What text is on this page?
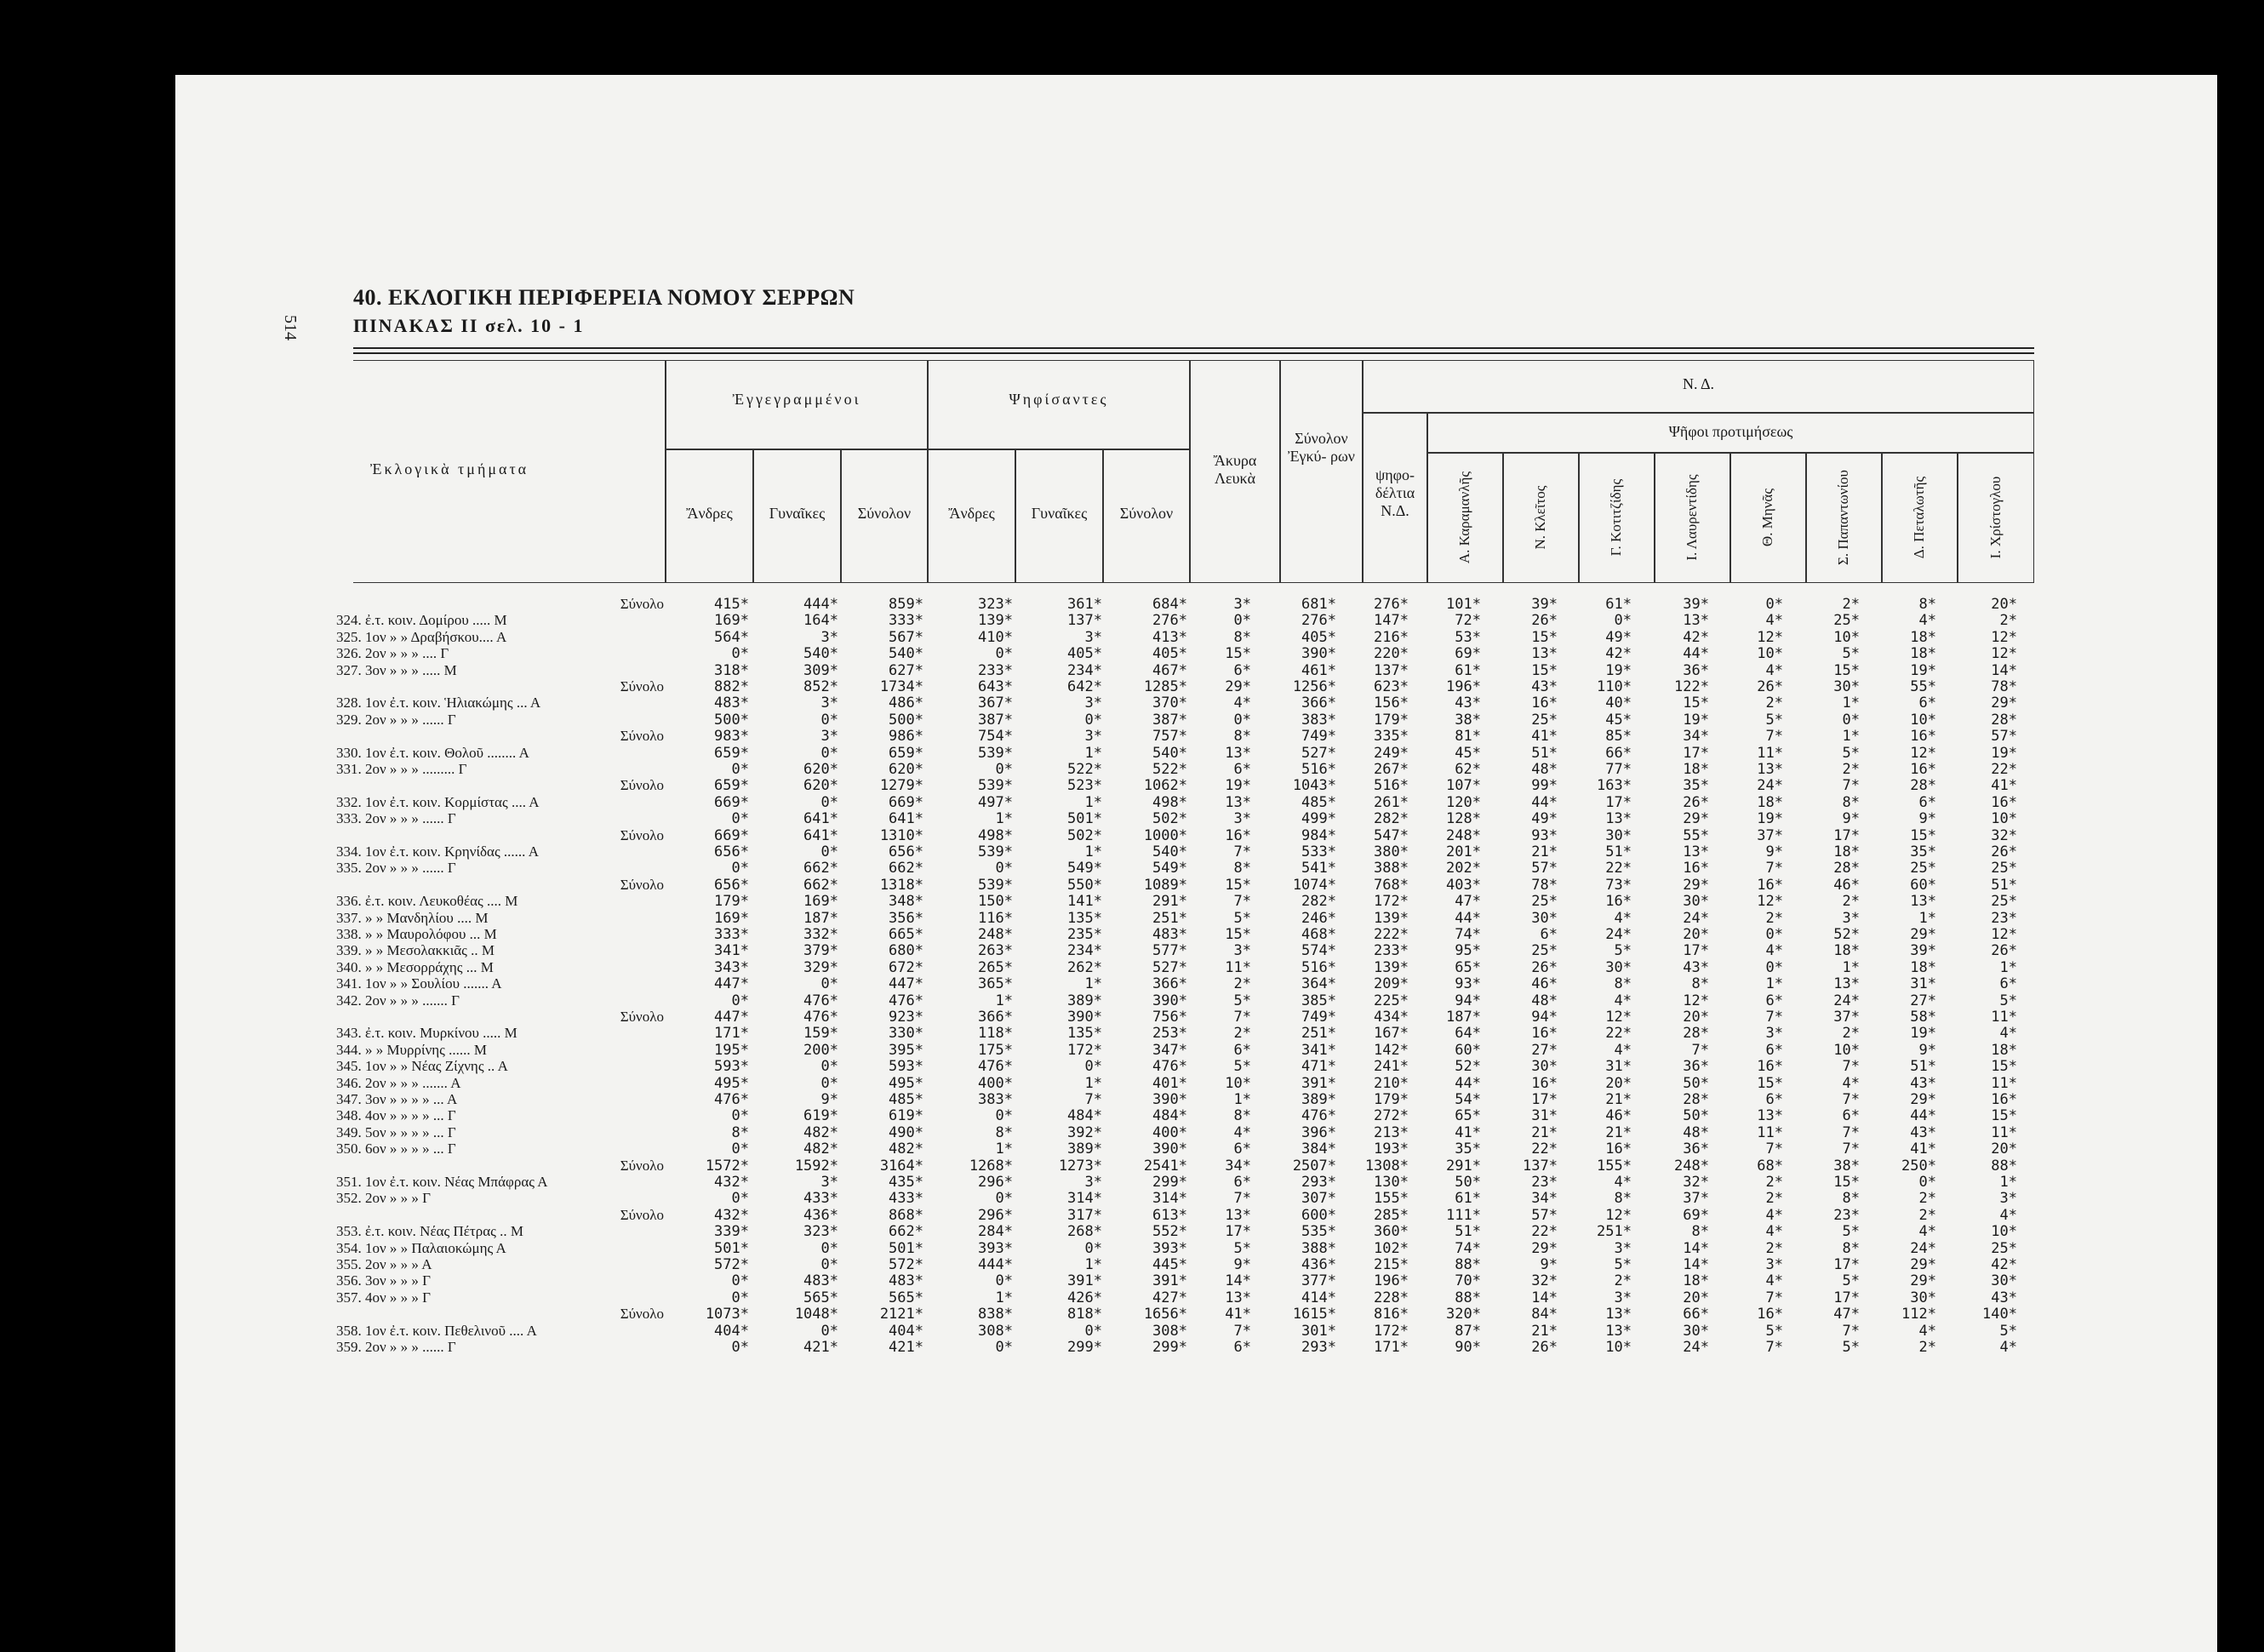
514
40. ΕΚΛΟΓΙΚΗ ΠΕΡΙΦΕΡΕΙΑ ΝΟΜΟΥ ΣΕΡΡΩΝ
ΠΙΝΑΚΑΣ ΙΙ σελ. 10 - 1
Ἐκλογικὰ τμήματα
Ἐγγεγραμμένοι
Ἄνδρες	Γυναῖκες	Σύνολον
Ψηφίσαντες
Ἄνδρες	Γυναῖκες	Σύνολον
Ἄκυρα Λευκὰ
Σύνολον Ἐγκύ- ρων
Ν. Δ.
ψηφο- δέλτια Ν.Δ.
Ψῆφοι προτιμήσεως
Α. Καραμανλῆς	Ν. Κλεῖτος	Γ. Κοτιτζίδης	Ι. Λαυρεντίδης	Θ. Μηνᾶς	Σ. Παπαντωνίου	Δ. Πεταλωτῆς	Ι. Χρίστογλου
Σύνολο	415*	444*	859*	323*	361*	684*	3*	681*	276*	101*	39*	61*	39*	0*	2*	8*	20*
324. ἐ.τ. κοιν. Δομίρου ..... Μ	169*	164*	333*	139*	137*	276*	0*	276*	147*	72*	26*	0*	13*	4*	25*	4*	2*
325. 1ον » » Δραβήσκου.... Α	564*	3*	567*	410*	3*	413*	8*	405*	216*	53*	15*	49*	42*	12*	10*	18*	12*
326. 2ον » » » .... Γ	0*	540*	540*	0*	405*	405*	15*	390*	220*	69*	13*	42*	44*	10*	5*	18*	12*
327. 3ον » » » ..... Μ	318*	309*	627*	233*	234*	467*	6*	461*	137*	61*	15*	19*	36*	4*	15*	19*	14*
Σύνολο	882*	852*	1734*	643*	642*	1285*	29*	1256*	623*	196*	43*	110*	122*	26*	30*	55*	78*
328. 1ον ἐ.τ. κοιν. Ἡλιακώμης ... Α	483*	3*	486*	367*	3*	370*	4*	366*	156*	43*	16*	40*	15*	2*	1*	6*	29*
329. 2ον » » » ...... Γ	500*	0*	500*	387*	0*	387*	0*	383*	179*	38*	25*	45*	19*	5*	0*	10*	28*
Σύνολο	983*	3*	986*	754*	3*	757*	8*	749*	335*	81*	41*	85*	34*	7*	1*	16*	57*
330. 1ον ἐ.τ. κοιν. Θολοῦ ........ Α	659*	0*	659*	539*	1*	540*	13*	527*	249*	45*	51*	66*	17*	11*	5*	12*	19*
331. 2ον » » » ......... Γ	0*	620*	620*	0*	522*	522*	6*	516*	267*	62*	48*	77*	18*	13*	2*	16*	22*
Σύνολο	659*	620*	1279*	539*	523*	1062*	19*	1043*	516*	107*	99*	163*	35*	24*	7*	28*	41*
332. 1ον ἐ.τ. κοιν. Κορμίστας .... Α	669*	0*	669*	497*	1*	498*	13*	485*	261*	120*	44*	17*	26*	18*	8*	6*	16*
333. 2ον » » » ...... Γ	0*	641*	641*	1*	501*	502*	3*	499*	282*	128*	49*	13*	29*	19*	9*	9*	10*
Σύνολο	669*	641*	1310*	498*	502*	1000*	16*	984*	547*	248*	93*	30*	55*	37*	17*	15*	32*
334. 1ον ἐ.τ. κοιν. Κρηνίδας ...... Α	656*	0*	656*	539*	1*	540*	7*	533*	380*	201*	21*	51*	13*	9*	18*	35*	26*
335. 2ον » » » ...... Γ	0*	662*	662*	0*	549*	549*	8*	541*	388*	202*	57*	22*	16*	7*	28*	25*	25*
Σύνολο	656*	662*	1318*	539*	550*	1089*	15*	1074*	768*	403*	78*	73*	29*	16*	46*	60*	51*
336. ἐ.τ. κοιν. Λευκοθέας .... Μ	179*	169*	348*	150*	141*	291*	7*	282*	172*	47*	25*	16*	30*	12*	2*	13*	25*
337. » » Μανδηλίου .... Μ	169*	187*	356*	116*	135*	251*	5*	246*	139*	44*	30*	4*	24*	2*	3*	1*	23*
338. » » Μαυρολόφου ... Μ	333*	332*	665*	248*	235*	483*	15*	468*	222*	74*	6*	24*	20*	0*	52*	29*	12*
339. » » Μεσολακκιᾶς .. Μ	341*	379*	680*	263*	234*	577*	3*	574*	233*	95*	25*	5*	17*	4*	18*	39*	26*
340. » » Μεσορράχης ... Μ	343*	329*	672*	265*	262*	527*	11*	516*	139*	65*	26*	30*	43*	0*	1*	18*	1*
341. 1ον » » Σουλίου ....... Α	447*	0*	447*	365*	1*	366*	2*	364*	209*	93*	46*	8*	8*	1*	13*	31*	6*
342. 2ον » » » ....... Γ	0*	476*	476*	1*	389*	390*	5*	385*	225*	94*	48*	4*	12*	6*	24*	27*	5*
Σύνολο	447*	476*	923*	366*	390*	756*	7*	749*	434*	187*	94*	12*	20*	7*	37*	58*	11*
343. ἐ.τ. κοιν. Μυρκίνου ..... Μ	171*	159*	330*	118*	135*	253*	2*	251*	167*	64*	16*	22*	28*	3*	2*	19*	4*
344. » » Μυρρίνης ...... Μ	195*	200*	395*	175*	172*	347*	6*	341*	142*	60*	27*	4*	7*	6*	10*	9*	18*
345. 1ον » » Νέας Ζίχνης .. Α	593*	0*	593*	476*	0*	476*	5*	471*	241*	52*	30*	31*	36*	16*	7*	51*	15*
346. 2ον » » » ....... Α	495*	0*	495*	400*	1*	401*	10*	391*	210*	44*	16*	20*	50*	15*	4*	43*	11*
347. 3ον » » » » ... Α	476*	9*	485*	383*	7*	390*	1*	389*	179*	54*	17*	21*	28*	6*	7*	29*	16*
348. 4ον » » » » ... Γ	0*	619*	619*	0*	484*	484*	8*	476*	272*	65*	31*	46*	50*	13*	6*	44*	15*
349. 5ον » » » » ... Γ	8*	482*	490*	8*	392*	400*	4*	396*	213*	41*	21*	21*	48*	11*	7*	43*	11*
350. 6ον » » » » ... Γ	0*	482*	482*	1*	389*	390*	6*	384*	193*	35*	22*	16*	36*	7*	7*	41*	20*
Σύνολο	1572*	1592*	3164*	1268*	1273*	2541*	34*	2507*	1308*	291*	137*	155*	248*	68*	38*	250*	88*
351. 1ον ἐ.τ. κοιν. Νέας Μπάφρας Α	432*	3*	435*	296*	3*	299*	6*	293*	130*	50*	23*	4*	32*	2*	15*	0*	1*
352. 2ον » » » Γ	0*	433*	433*	0*	314*	314*	7*	307*	155*	61*	34*	8*	37*	2*	8*	2*	3*
Σύνολο	432*	436*	868*	296*	317*	613*	13*	600*	285*	111*	57*	12*	69*	4*	23*	2*	4*
353. ἐ.τ. κοιν. Νέας Πέτρας .. Μ	339*	323*	662*	284*	268*	552*	17*	535*	360*	51*	22*	251*	8*	4*	5*	4*	10*
354. 1ον » » Παλαιοκώμης Α	501*	0*	501*	393*	0*	393*	5*	388*	102*	74*	29*	3*	14*	2*	8*	24*	25*
355. 2ον » » » Α	572*	0*	572*	444*	1*	445*	9*	436*	215*	88*	9*	5*	14*	3*	17*	29*	42*
356. 3ον » » » Γ	0*	483*	483*	0*	391*	391*	14*	377*	196*	70*	32*	2*	18*	4*	5*	29*	30*
357. 4ον » » » Γ	0*	565*	565*	1*	426*	427*	13*	414*	228*	88*	14*	3*	20*	7*	17*	30*	43*
Σύνολο	1073*	1048*	2121*	838*	818*	1656*	41*	1615*	816*	320*	84*	13*	66*	16*	47*	112*	140*
358. 1ον ἐ.τ. κοιν. Πεθελινοῦ .... Α	404*	0*	404*	308*	0*	308*	7*	301*	172*	87*	21*	13*	30*	5*	7*	4*	5*
359. 2ον » » » ...... Γ	0*	421*	421*	0*	299*	299*	6*	293*	171*	90*	26*	10*	24*	7*	5*	2*	4*
